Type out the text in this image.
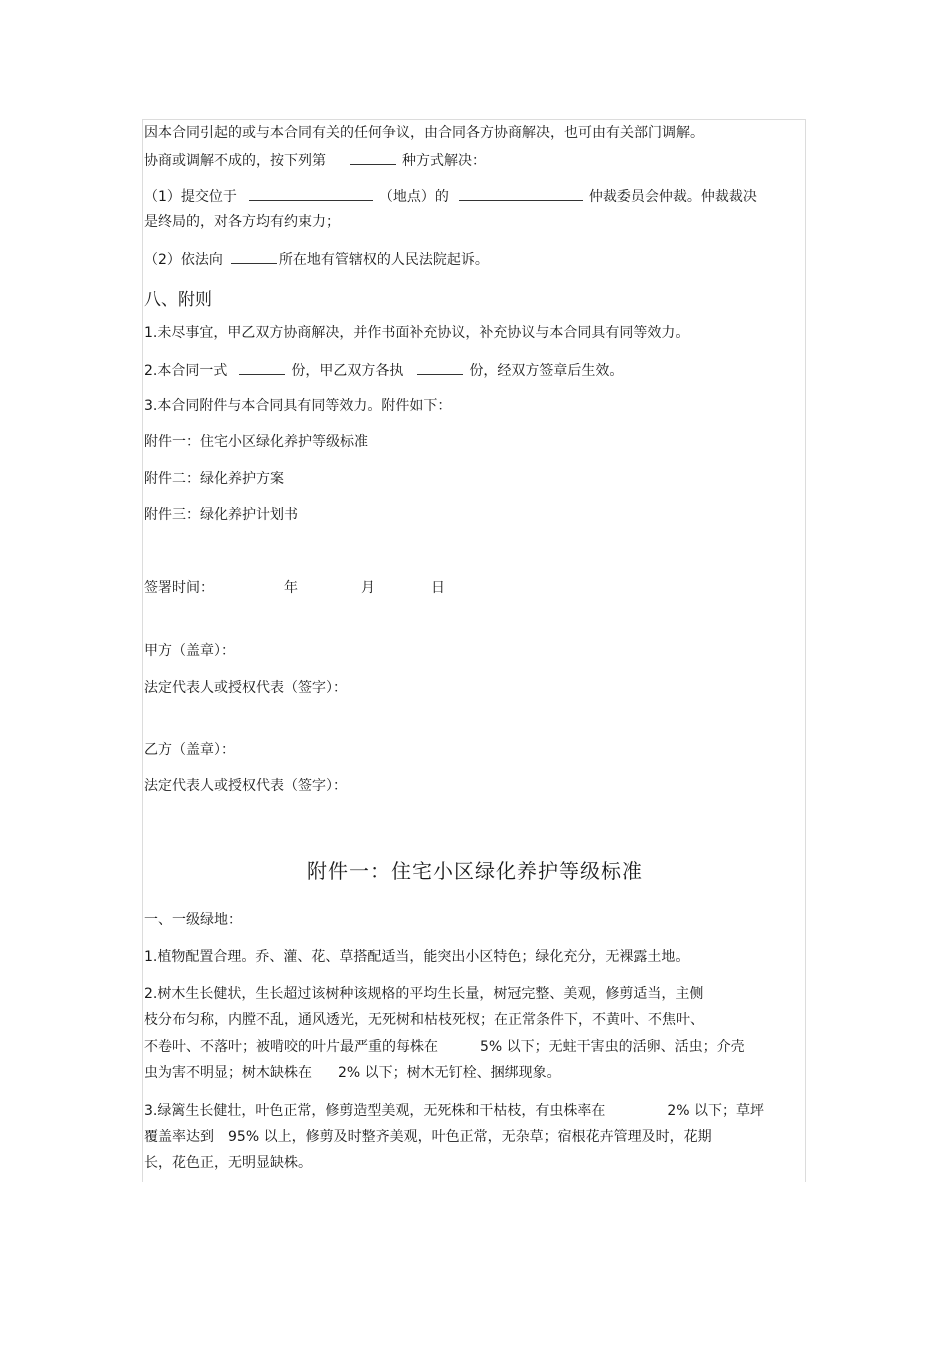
因本合同引起的或与本合同有关的任何争议，由合同各方协商解决，也可由有关部门调解。
协商或调解不成的，按下列第	种方式解决：
（1）提交位于	（地点）的	仲裁委员会仲裁。仲裁裁决
是终局的，对各方均有约束力；
（2）依法向	所在地有管辖权的人民法院起诉。
八、附则
1.未尽事宜，甲乙双方协商解决，并作书面补充协议，补充协议与本合同具有同等效力。
2.本合同一式	份，甲乙双方各执	份，经双方签章后生效。
3.本合同附件与本合同具有同等效力。附件如下：
附件一：住宅小区绿化养护等级标准
附件二：绿化养护方案
附件三：绿化养护计划书
签署时间：	年	月	日
甲方（盖章）：
法定代表人或授权代表（签字）：
乙方（盖章）：
法定代表人或授权代表（签字）：
附件一：住宅小区绿化养护等级标准
一、一级绿地：
1.植物配置合理。乔、灌、花、草搭配适当，能突出小区特色；绿化充分，无裸露土地。
2.树木生长健状，生长超过该树种该规格的平均生长量，树冠完整、美观，修剪适当，主侧
枝分布匀称，内膛不乱，通风透光，无死树和枯枝死杈；在正常条件下，不黄叶、不焦叶、
不卷叶、不落叶；被啃咬的叶片最严重的每株在	5% 以下；无蛀干害虫的活卵、活虫；介壳
虫为害不明显；树木缺株在 2% 以下；树木无钉栓、捆绑现象。
3.绿篱生长健壮，叶色正常，修剪造型美观，无死株和干枯枝，有虫株率在	2% 以下；草坪
覆盖率达到 95% 以上，修剪及时整齐美观，叶色正常，无杂草；宿根花卉管理及时，花期
长，花色正，无明显缺株。
